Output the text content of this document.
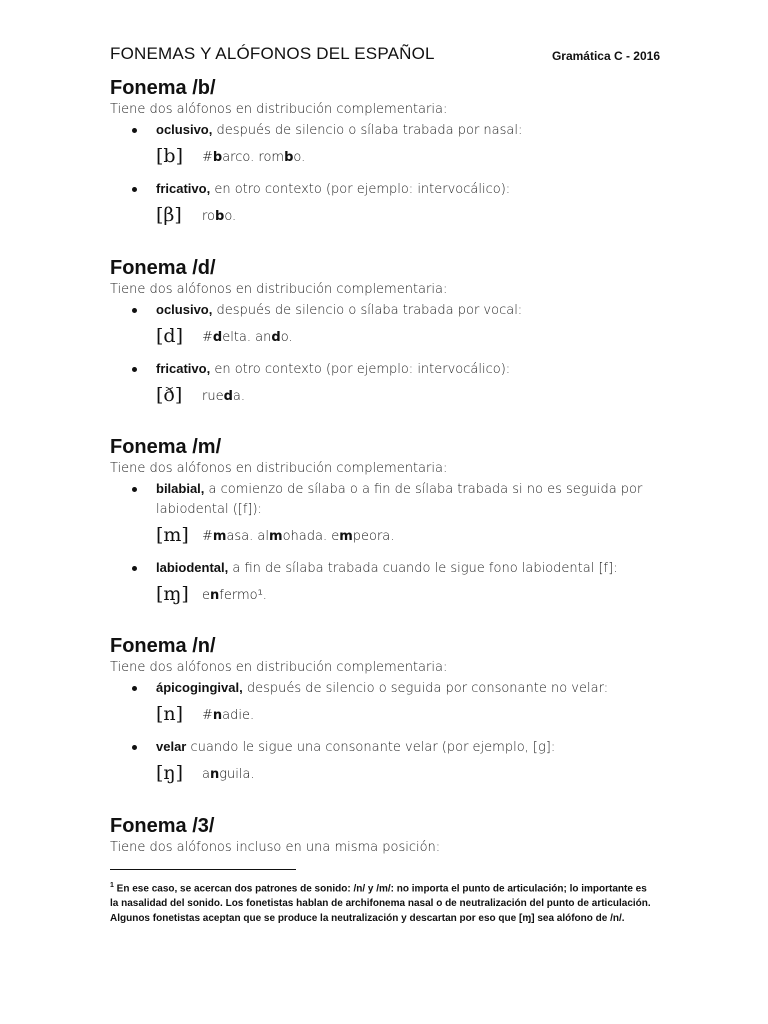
FONEMAS Y ALÓFONOS DEL ESPAÑOL	Gramática C - 2016
Fonema /b/

Tiene dos alófonos en distribución complementaria:

oclusivo, después de silencio o sílaba trabada por nasal:
[b] #barco. rombo.
fricativo, en otro contexto (por ejemplo: intervocálico):
[β] robo.
Fonema /d/

Tiene dos alófonos en distribución complementaria:

oclusivo, después de silencio o sílaba trabada por vocal:
[d] #delta. ando.
fricativo, en otro contexto (por ejemplo: intervocálico):
[ð] rueda.
Fonema /m/

Tiene dos alófonos en distribución complementaria:

bilabial, a comienzo de sílaba o a fin de sílaba trabada si no es seguida por labiodental ([f]):
[m] #masa. almohada. empeora.
labiodental, a fin de sílaba trabada cuando le sigue fono labiodental [f]:
[ɱ] enfermo¹.
Fonema /n/

Tiene dos alófonos en distribución complementaria:

ápicogingival, después de silencio o seguida por consonante no velar:
[n] #nadie.
velar cuando le sigue una consonante velar (por ejemplo, [g]:
[ŋ] anguila.
Fonema /3/

Tiene dos alófonos incluso en una misma posición:

$^1$ En ese caso, se acercan dos patrones de sonido: /n/ y /m/: no importa el punto de articulación; lo importante es la nasalidad del sonido. Los fonetistas hablan de archifonema nasal o de neutralización del punto de articulación. Algunos fonetistas aceptan que se produce la neutralización y descartan por eso que [ɱ] sea alófono de /n/.
